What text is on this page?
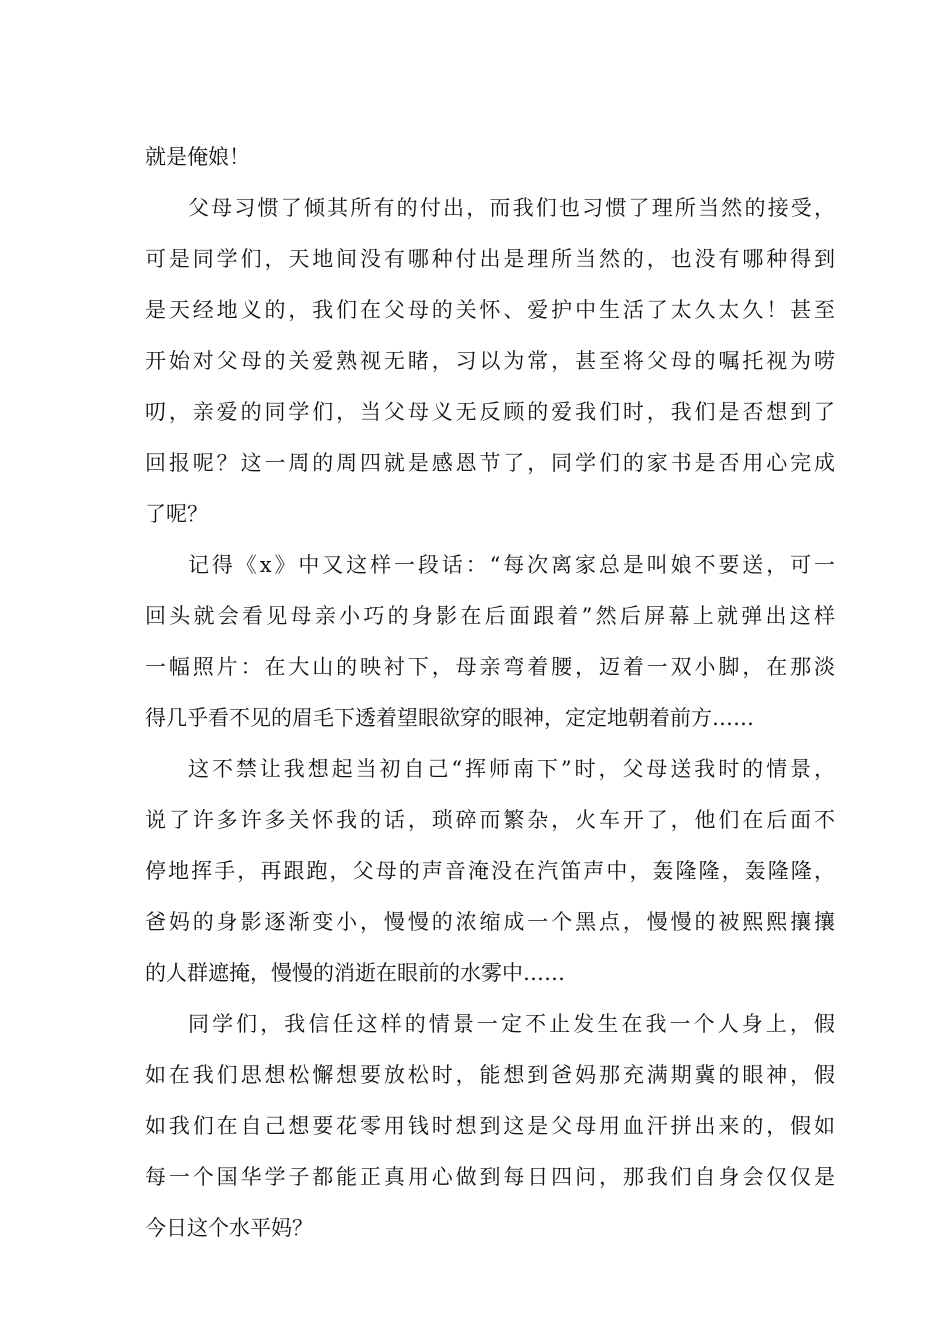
就是俺娘！
父母习惯了倾其所有的付出，而我们也习惯了理所当然的接受，
可是同学们，天地间没有哪种付出是理所当然的，也没有哪种得到
是天经地义的，我们在父母的关怀、爱护中生活了太久太久！甚至
开始对父母的关爱熟视无睹，习以为常，甚至将父母的嘱托视为唠
叨，亲爱的同学们，当父母义无反顾的爱我们时，我们是否想到了
回报呢？这一周的周四就是感恩节了，同学们的家书是否用心完成
了呢？
记得《x》中又这样一段话：“每次离家总是叫娘不要送，可一
回头就会看见母亲小巧的身影在后面跟着”然后屏幕上就弹出这样
一幅照片：在大山的映衬下，母亲弯着腰，迈着一双小脚，在那淡
得几乎看不见的眉毛下透着望眼欲穿的眼神，定定地朝着前方……
这不禁让我想起当初自己“挥师南下”时，父母送我时的情景，
说了许多许多关怀我的话，琐碎而繁杂，火车开了，他们在后面不
停地挥手，再跟跑，父母的声音淹没在汽笛声中，轰隆隆，轰隆隆，
爸妈的身影逐渐变小，慢慢的浓缩成一个黑点，慢慢的被熙熙攘攘
的人群遮掩，慢慢的消逝在眼前的水雾中……
同学们，我信任这样的情景一定不止发生在我一个人身上，假
如在我们思想松懈想要放松时，能想到爸妈那充满期冀的眼神，假
如我们在自己想要花零用钱时想到这是父母用血汗拼出来的，假如
每一个国华学子都能正真用心做到每日四问，那我们自身会仅仅是
今日这个水平妈？
